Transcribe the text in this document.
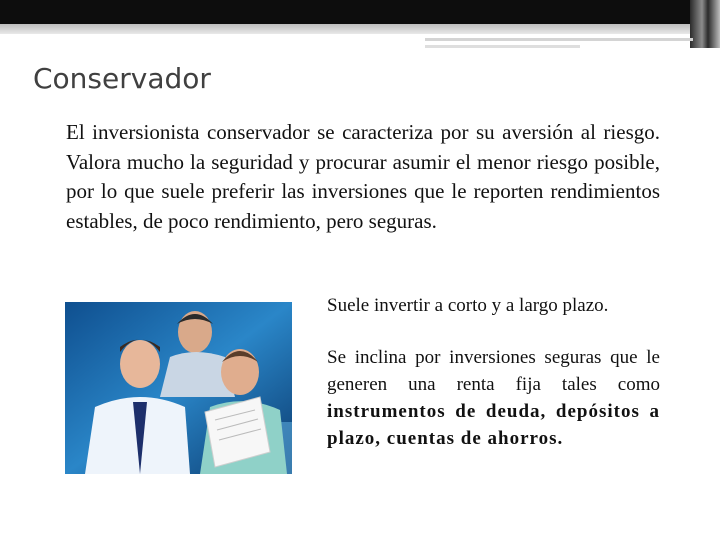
Conservador

El inversionista conservador se caracteriza por su aversión al riesgo. Valora mucho la seguridad y procurar asumir el menor riesgo posible, por lo que suele preferir las inversiones que le reporten rendimientos estables, de poco rendimiento, pero seguras.

Suele invertir a corto y a largo plazo.

Se inclina por inversiones seguras que le generen una renta fija tales como instrumentos de deuda, depósitos a plazo, cuentas de ahorros.
